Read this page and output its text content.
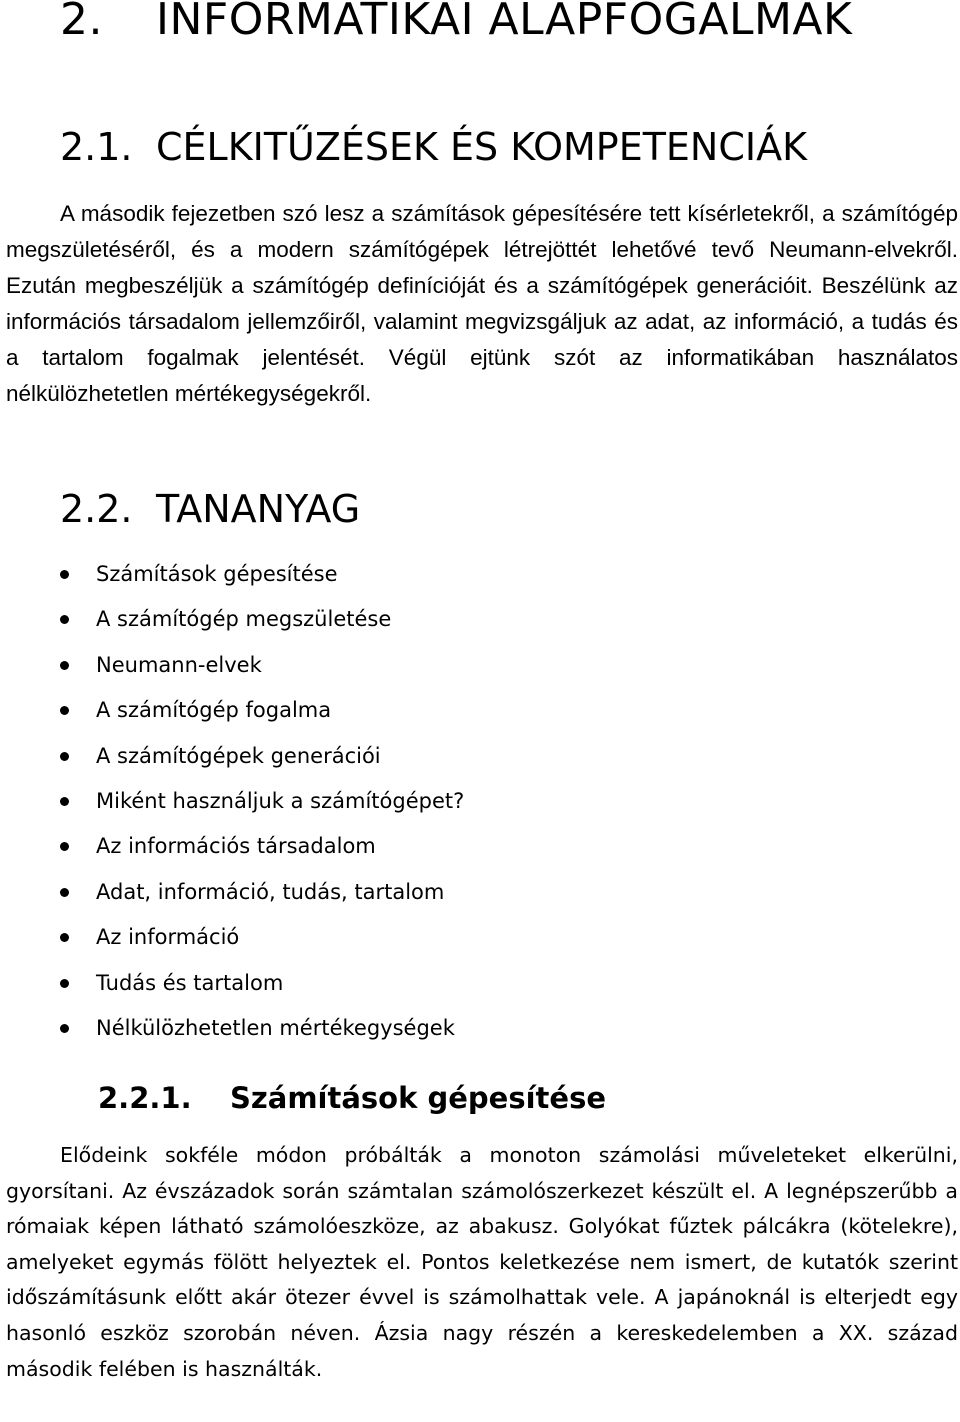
2. INFORMATIKAI ALAPFOGALMAK
2.1. CÉLKITŰZÉSEK ÉS KOMPETENCIÁK

A második fejezetben szó lesz a számítások gépesítésére tett kísérletekről, a számítógép megszületéséről, és a modern számítógépek létrejöttét lehetővé tevő Neumann-elvekről. Ezután megbeszéljük a számítógép definícióját és a számítógépek generációit. Beszélünk az információs társadalom jellemzőiről, valamint megvizsgáljuk az adat, az információ, a tudás és a tartalom fogalmak jelentését. Végül ejtünk szót az informatikában használatos nélkülözhetetlen mértékegységekről.

2.2. TANANYAG
Számítások gépesítése
A számítógép megszületése
Neumann-elvek
A számítógép fogalma
A számítógépek generációi
Miként használjuk a számítógépet?
Az információs társadalom
Adat, információ, tudás, tartalom
Az információ
Tudás és tartalom
Nélkülözhetetlen mértékegységek
2.2.1. Számítások gépesítése

Elődeink sokféle módon próbálták a monoton számolási műveleteket elkerülni, gyorsítani. Az évszázadok során számtalan számolószerkezet készült el. A legnépszerűbb a rómaiak képen látható számolóeszköze, az abakusz. Golyókat fűztek pálcákra (kötelekre), amelyeket egymás fölött helyeztek el. Pontos keletkezése nem ismert, de kutatók szerint időszámításunk előtt akár ötezer évvel is számolhattak vele. A japánoknál is elterjedt egy hasonló eszköz szorobán néven. Ázsia nagy részén a kereskedelemben a XX. század második felében is használták.
